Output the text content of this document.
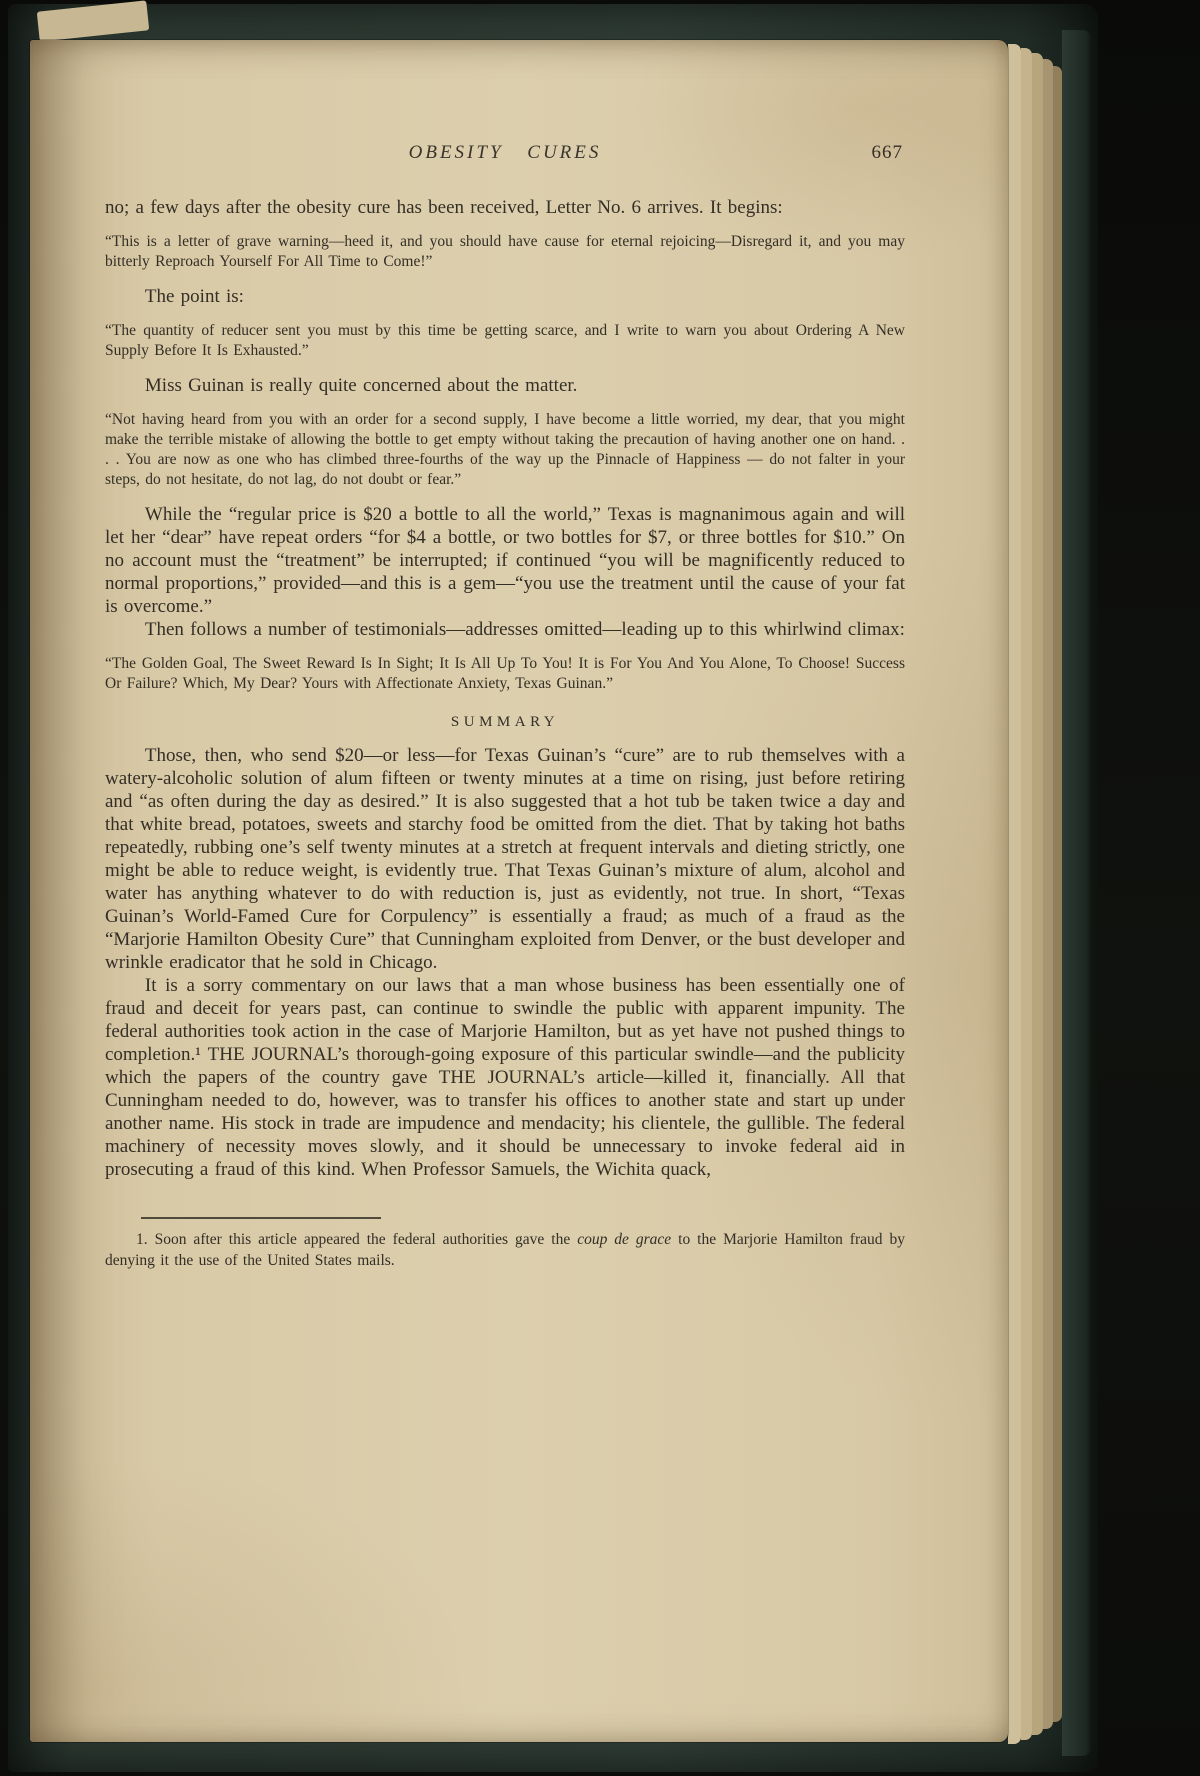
OBESITY CURES	667

no; a few days after the obesity cure has been received, Letter No. 6 arrives. It begins:

“This is a letter of grave warning—heed it, and you should have cause for eternal rejoicing—Disregard it, and you may bitterly Reproach Yourself For All Time to Come!”

The point is:

“The quantity of reducer sent you must by this time be getting scarce, and I write to warn you about Ordering A New Supply Before It Is Exhausted.”

Miss Guinan is really quite concerned about the matter.

“Not having heard from you with an order for a second supply, I have become a little worried, my dear, that you might make the terrible mistake of allowing the bottle to get empty without taking the precaution of having another one on hand. . . . You are now as one who has climbed three-fourths of the way up the Pinnacle of Happiness — do not falter in your steps, do not hesitate, do not lag, do not doubt or fear.”

While the “regular price is $20 a bottle to all the world,” Texas is magnanimous again and will let her “dear” have repeat orders “for $4 a bottle, or two bottles for $7, or three bottles for $10.” On no account must the “treatment” be interrupted; if continued “you will be magnificently reduced to normal proportions,” provided—and this is a gem—“you use the treatment until the cause of your fat is overcome.”

Then follows a number of testimonials—addresses omitted—leading up to this whirlwind climax:

“The Golden Goal, The Sweet Reward Is In Sight; It Is All Up To You! It is For You And You Alone, To Choose! Success Or Failure? Which, My Dear? Yours with Affectionate Anxiety, Texas Guinan.”

SUMMARY

Those, then, who send $20—or less—for Texas Guinan’s “cure” are to rub themselves with a watery-alcoholic solution of alum fifteen or twenty minutes at a time on rising, just before retiring and “as often during the day as desired.” It is also suggested that a hot tub be taken twice a day and that white bread, potatoes, sweets and starchy food be omitted from the diet. That by taking hot baths repeatedly, rubbing one’s self twenty minutes at a stretch at frequent intervals and dieting strictly, one might be able to reduce weight, is evidently true. That Texas Guinan’s mixture of alum, alcohol and water has anything whatever to do with reduction is, just as evidently, not true. In short, “Texas Guinan’s World-Famed Cure for Corpulency” is essentially a fraud; as much of a fraud as the “Marjorie Hamilton Obesity Cure” that Cunningham exploited from Denver, or the bust developer and wrinkle eradicator that he sold in Chicago.

It is a sorry commentary on our laws that a man whose business has been essentially one of fraud and deceit for years past, can continue to swindle the public with apparent impunity. The federal authorities took action in the case of Marjorie Hamilton, but as yet have not pushed things to completion.¹ THE JOURNAL’s thorough-going exposure of this particular swindle—and the publicity which the papers of the country gave THE JOURNAL’s article—killed it, financially. All that Cunningham needed to do, however, was to transfer his offices to another state and start up under another name. His stock in trade are impudence and mendacity; his clientele, the gullible. The federal machinery of necessity moves slowly, and it should be unnecessary to invoke federal aid in prosecuting a fraud of this kind. When Professor Samuels, the Wichita quack,

1. Soon after this article appeared the federal authorities gave the coup de grace to the Marjorie Hamilton fraud by denying it the use of the United States mails.
